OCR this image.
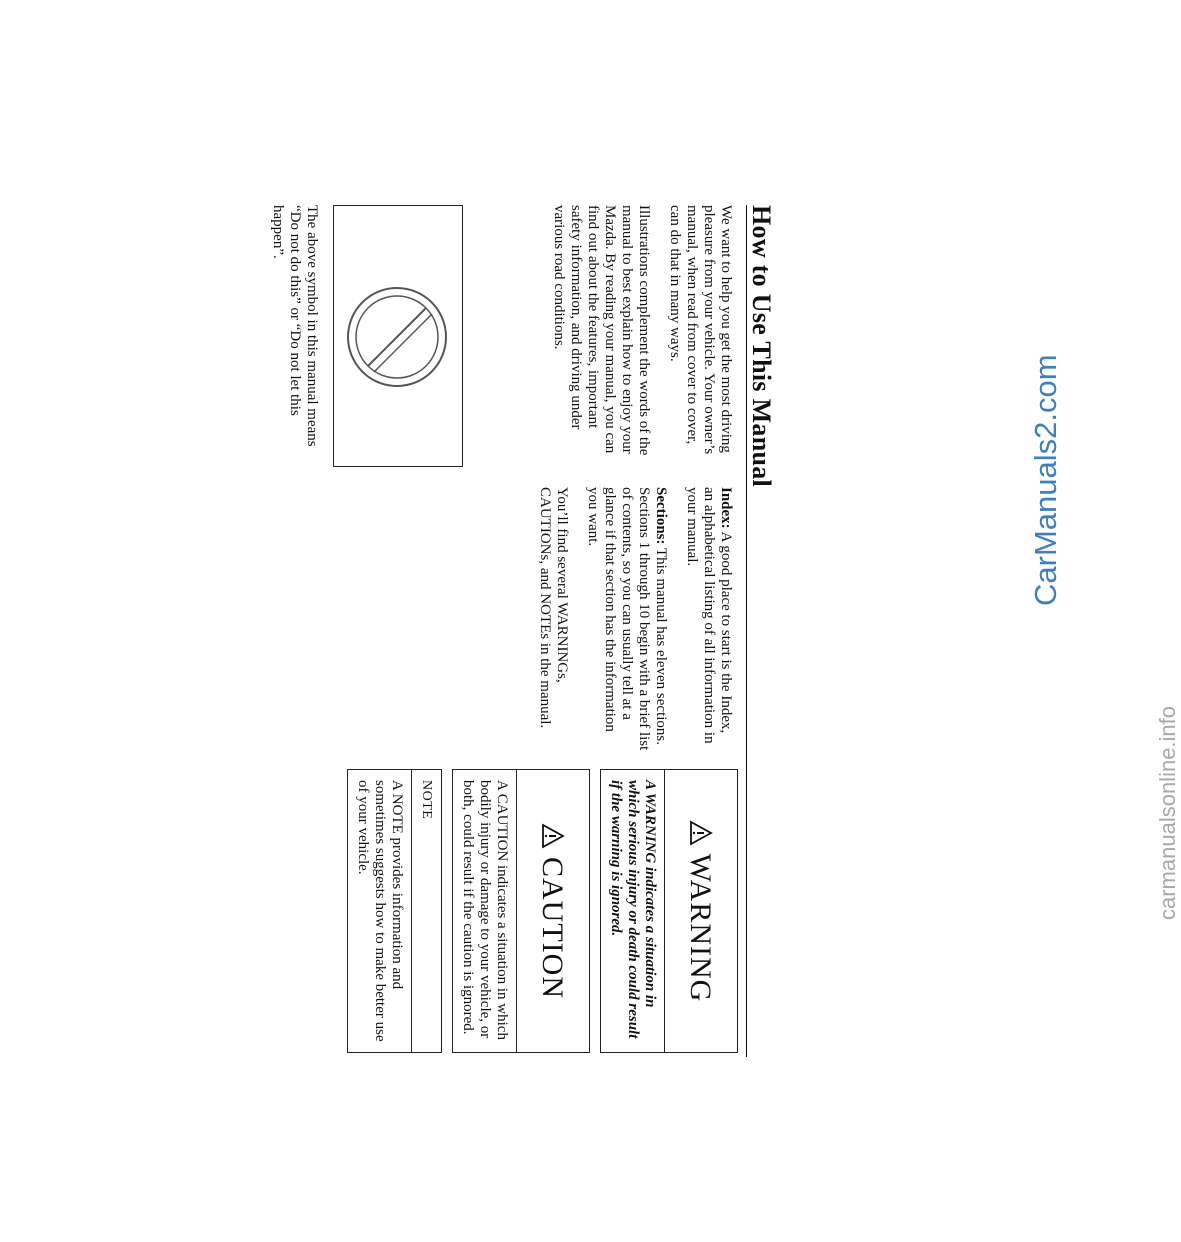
How to Use This Manual

We want to help you get the most driving pleasure from your vehicle. Your owner’s manual, when read from cover to cover, can do that in many ways.

Illustrations complement the words of the manual to best explain how to enjoy your Mazda. By reading your manual, you can find out about the features, important safety information, and driving under various road conditions.

The above symbol in this manual means “Do not do this” or “Do not let this happen”.

Index: A good place to start is the Index, an alphabetical listing of all information in your manual.

Sections: This manual has eleven sections. Sections 1 through 10 begin with a brief list of contents, so you can usually tell at a glance if that section has the information you want.

You’ll find several WARNINGs, CAUTIONs, and NOTEs in the manual.

WARNING
A WARNING indicates a situation in which serious injury or death could result if the warning is ignored.
CAUTION
A CAUTION indicates a situation in which bodily injury or damage to your vehicle, or both, could result if the caution is ignored.
NOTE
A NOTE provides information and sometimes suggests how to make better use of your vehicle.

CarManuals2.com

carmanualsonline.info
